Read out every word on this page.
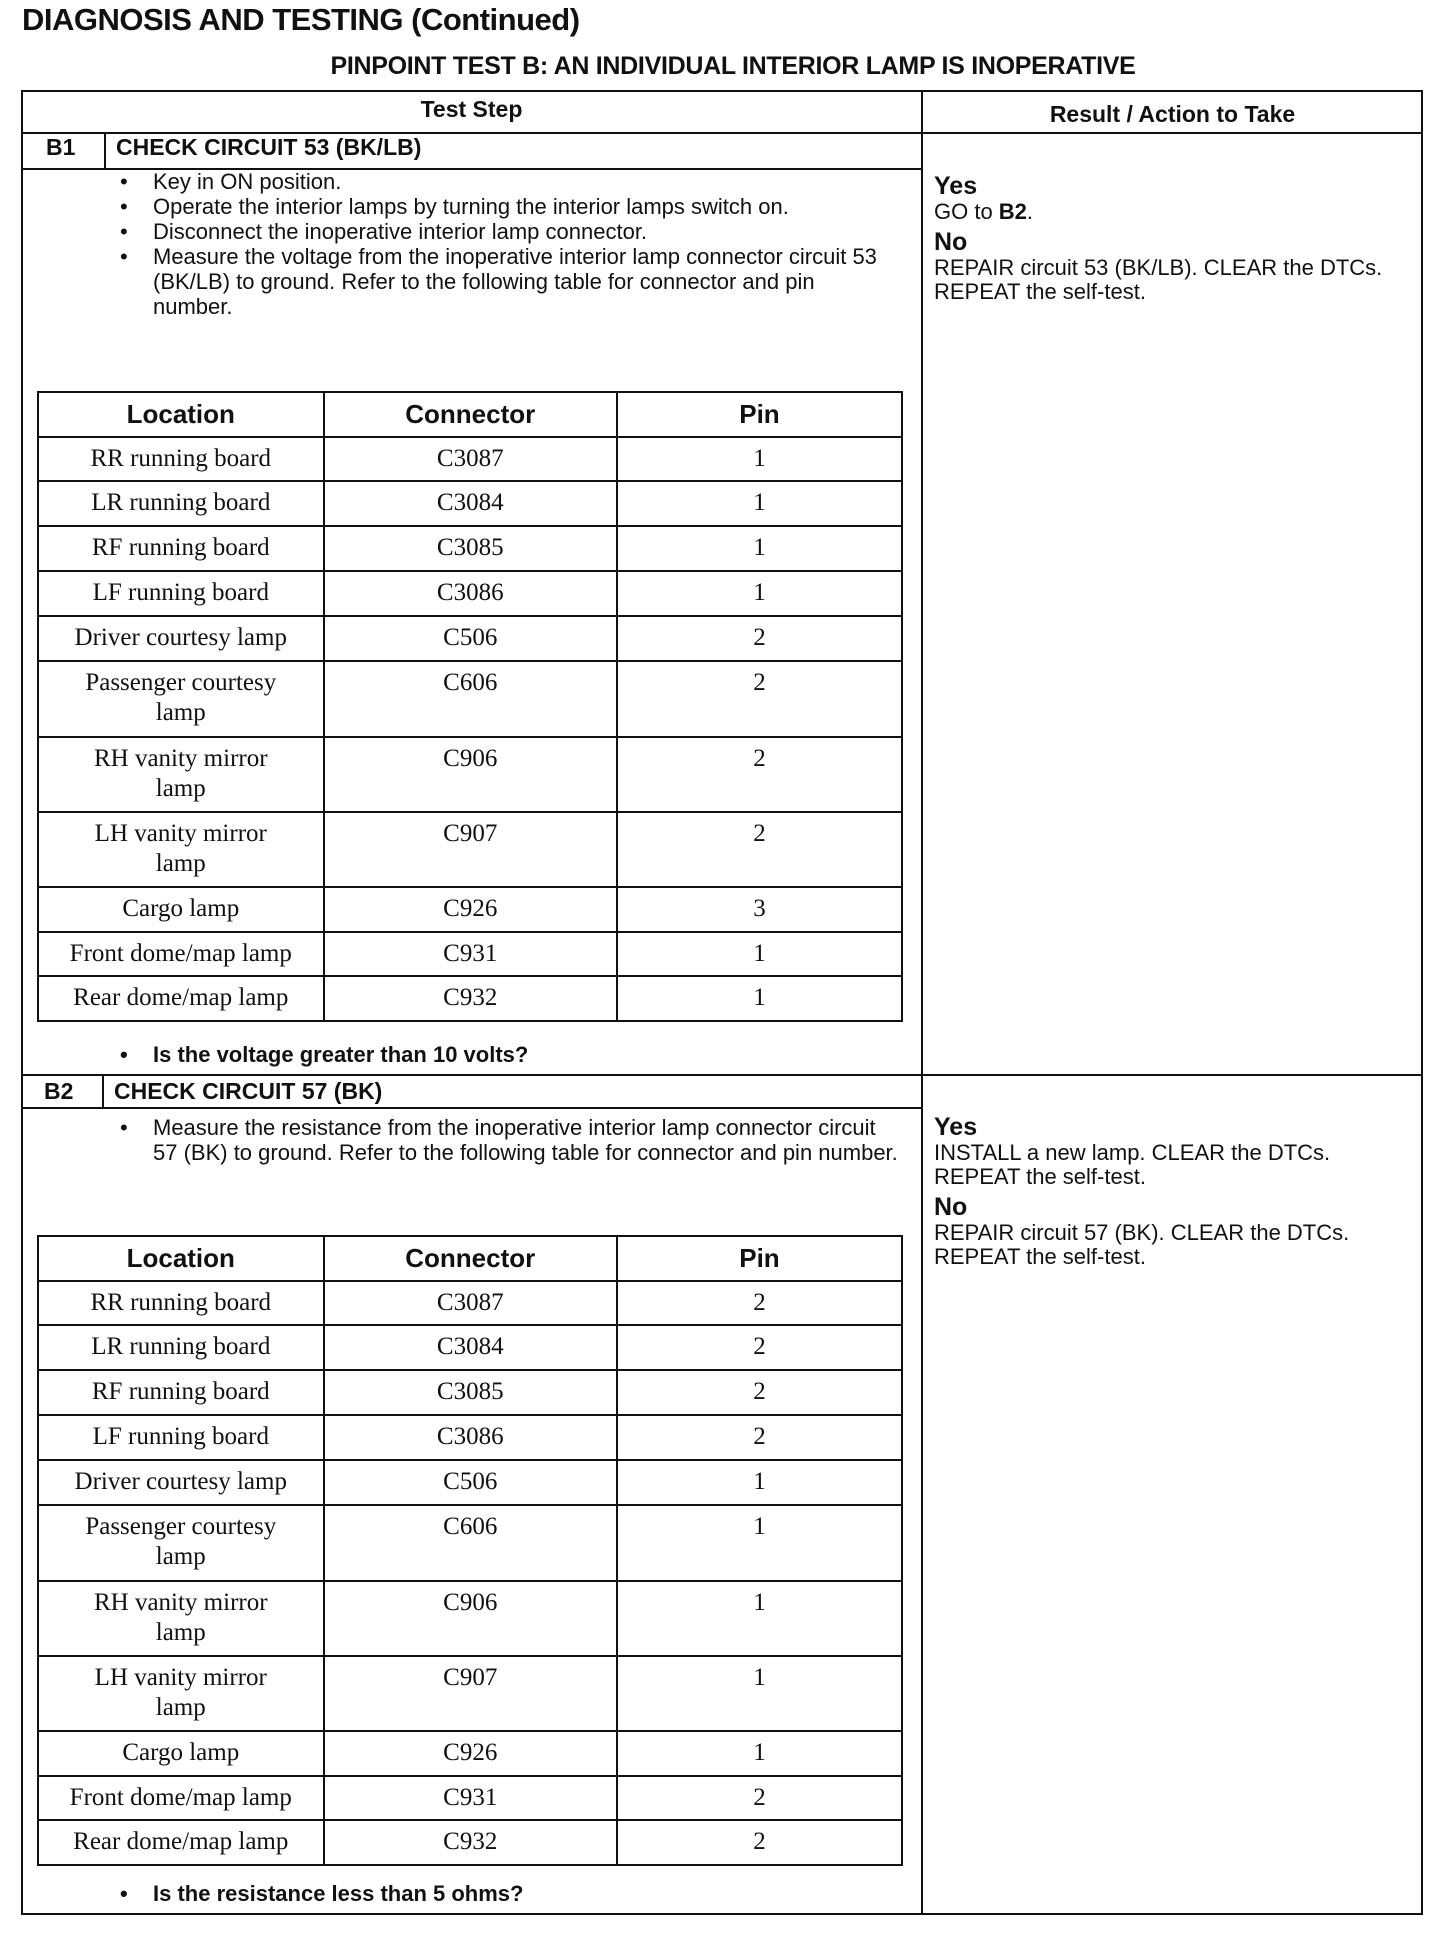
DIAGNOSIS AND TESTING (Continued)
PINPOINT TEST B: AN INDIVIDUAL INTERIOR LAMP IS INOPERATIVE
Test Step	Result / Action to Take
B1 CHECK CIRCUIT 53 (BK/LB)
• Key in ON position.
• Operate the interior lamps by turning the interior lamps switch on.
• Disconnect the inoperative interior lamp connector.
• Measure the voltage from the inoperative interior lamp connector circuit 53 (BK/LB) to ground. Refer to the following table for connector and pin number.
Location	Connector	Pin
RR running board	C3087	1
LR running board	C3084	1
RF running board	C3085	1
LF running board	C3086	1
Driver courtesy lamp	C506	2
Passenger courtesy lamp	C606	2
RH vanity mirror lamp	C906	2
LH vanity mirror lamp	C907	2
Cargo lamp	C926	3
Front dome/map lamp	C931	1
Rear dome/map lamp	C932	1
• Is the voltage greater than 10 volts?
Yes
GO to B2.
No
REPAIR circuit 53 (BK/LB). CLEAR the DTCs. REPEAT the self-test.
B2 CHECK CIRCUIT 57 (BK)
• Measure the resistance from the inoperative interior lamp connector circuit 57 (BK) to ground. Refer to the following table for connector and pin number.
Location	Connector	Pin
RR running board	C3087	2
LR running board	C3084	2
RF running board	C3085	2
LF running board	C3086	2
Driver courtesy lamp	C506	1
Passenger courtesy lamp	C606	1
RH vanity mirror lamp	C906	1
LH vanity mirror lamp	C907	1
Cargo lamp	C926	1
Front dome/map lamp	C931	2
Rear dome/map lamp	C932	2
• Is the resistance less than 5 ohms?
Yes
INSTALL a new lamp. CLEAR the DTCs. REPEAT the self-test.
No
REPAIR circuit 57 (BK). CLEAR the DTCs. REPEAT the self-test.
